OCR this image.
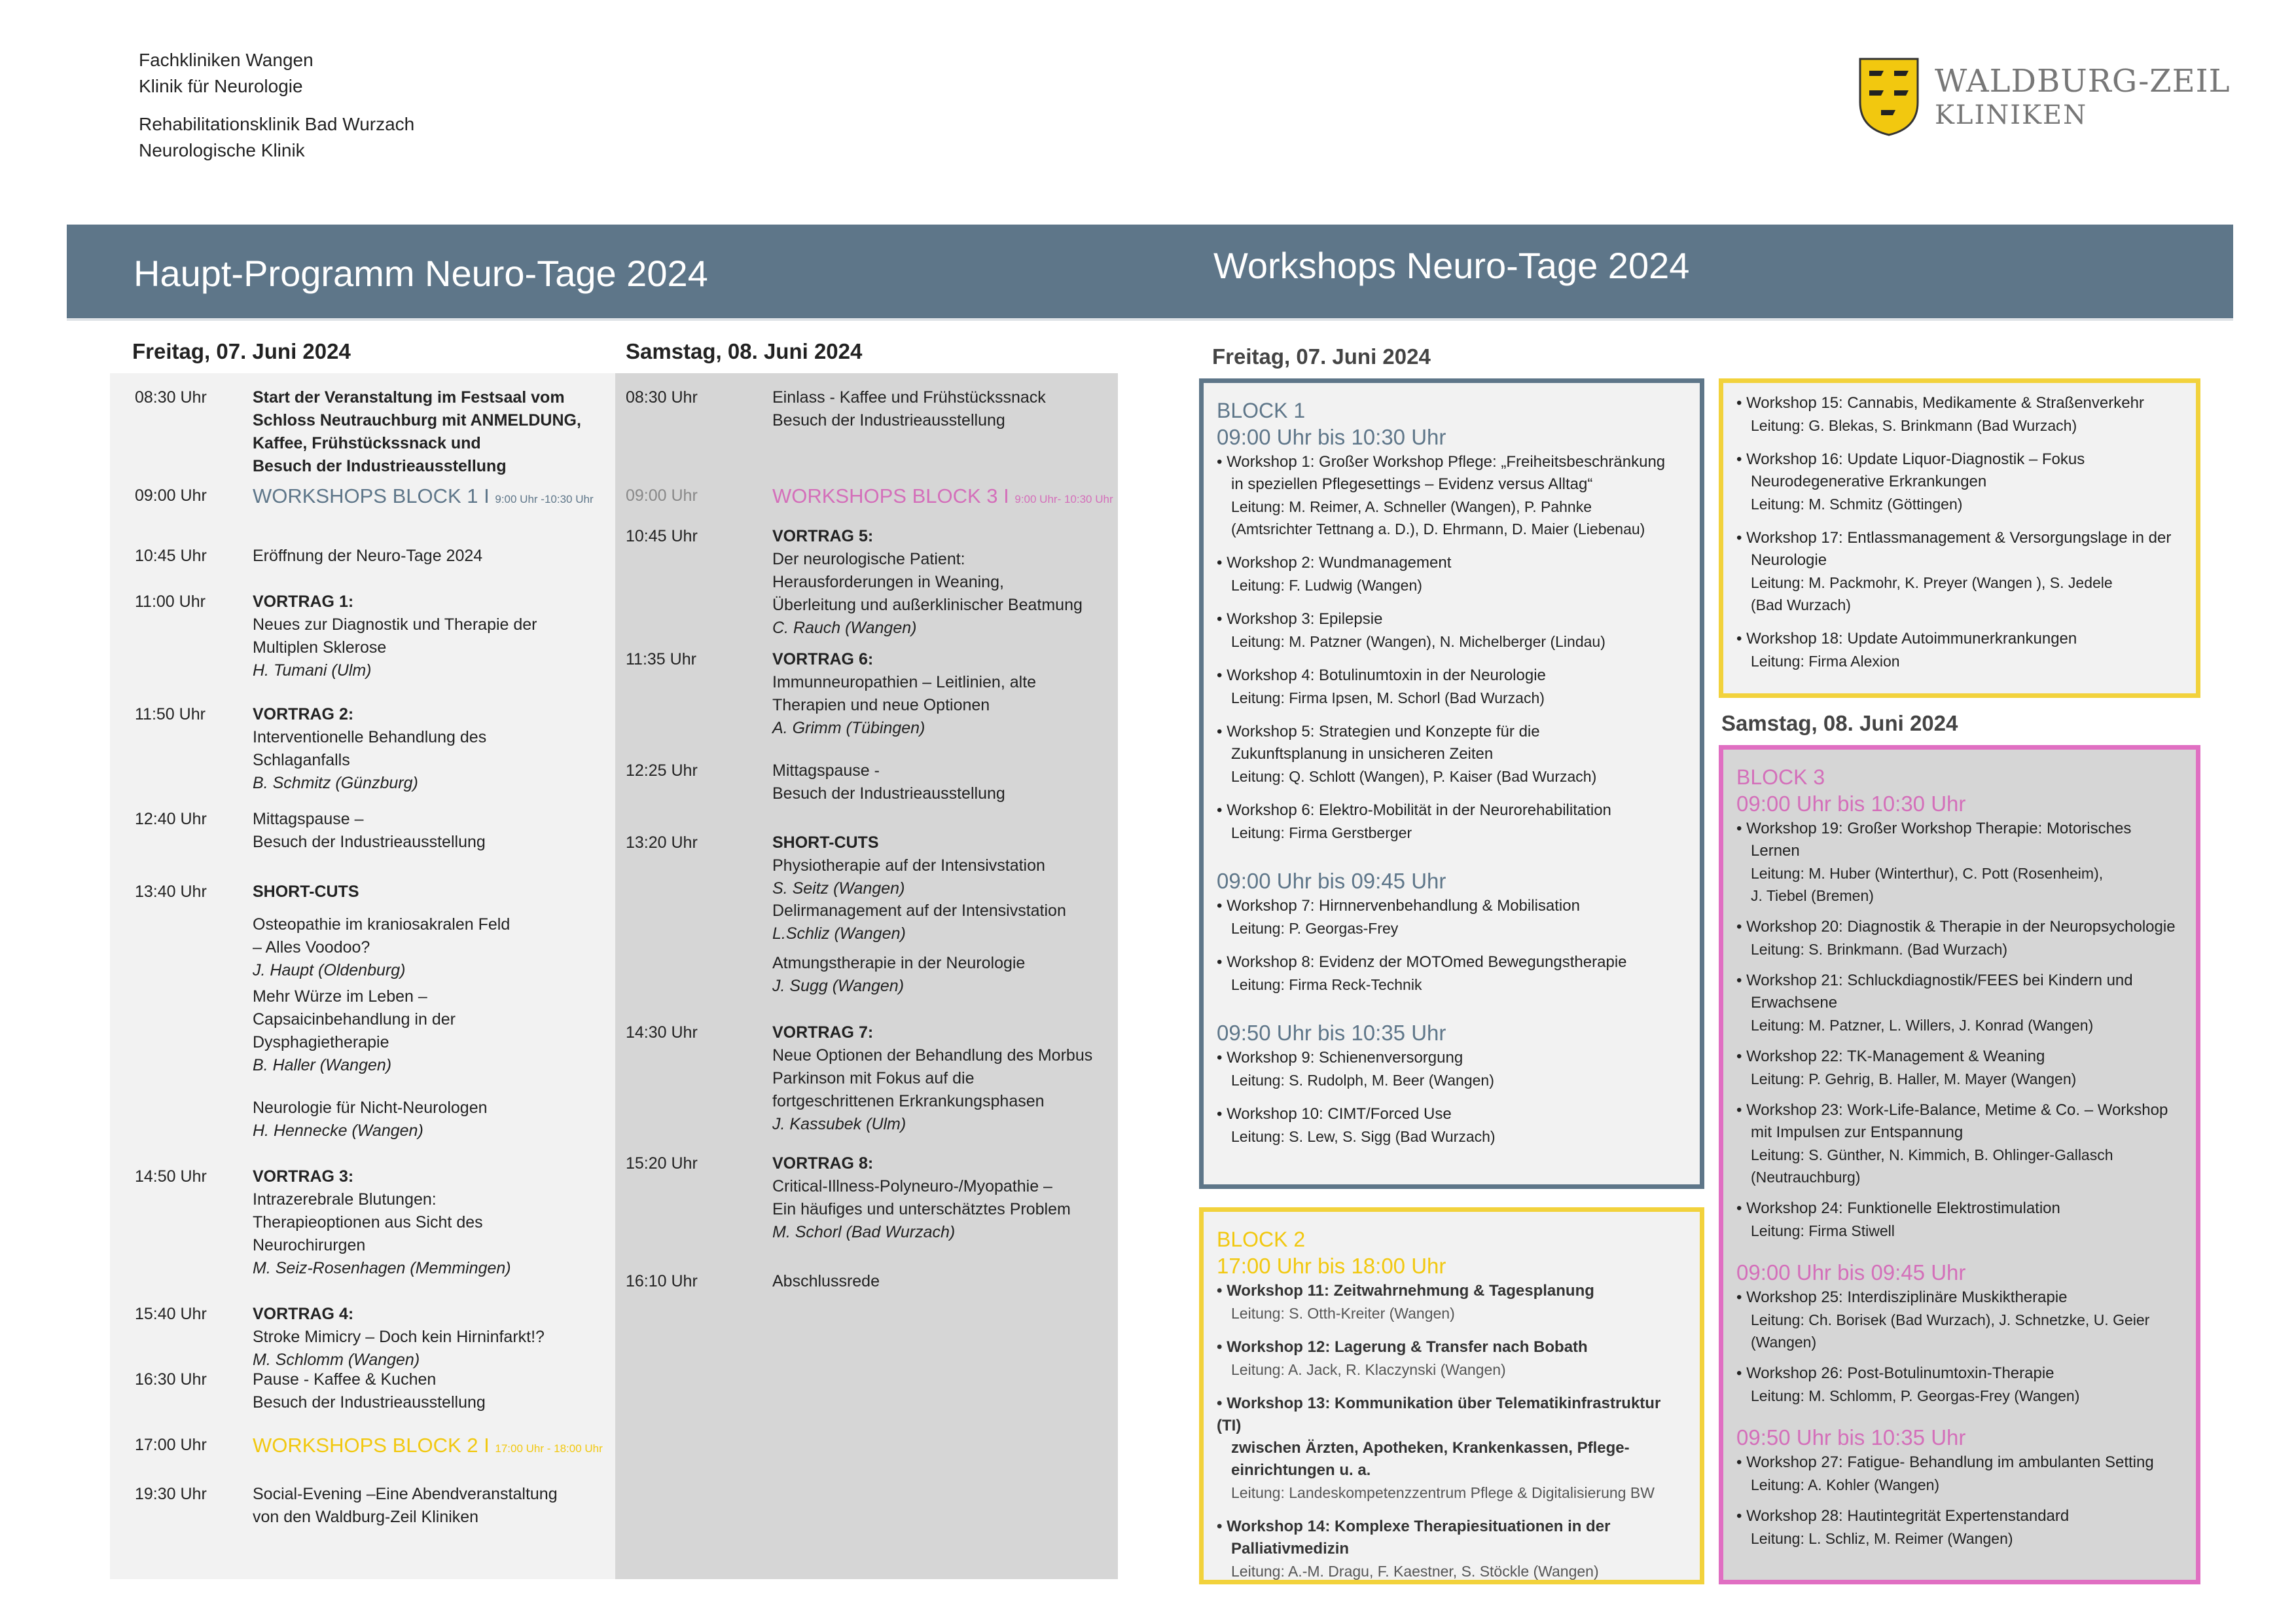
Fachkliniken Wangen
Klinik für Neurologie
Rehabilitationsklinik Bad Wurzach
Neurologische Klinik
WALDBURG-ZEIL
KLINIKEN
Haupt-Programm Neuro-Tage 2024	Workshops Neuro-Tage 2024
Freitag, 07. Juni 2024	Samstag, 08. Juni 2024	Freitag, 07. Juni 2024
Samstag, 08. Juni 2024
08:30 Uhr	Start der Veranstaltung im Festsaal vom
Schloss Neutrauchburg mit ANMELDUNG,
Kaffee, Frühstückssnack und
Besuch der Industrieausstellung
09:00 Uhr	WORKSHOPS BLOCK 1 I 9:00 Uhr -10:30 Uhr
10:45 Uhr	Eröffnung der Neuro-Tage 2024
11:00 Uhr	VORTRAG 1:
Neues zur Diagnostik und Therapie der
Multiplen Sklerose
H. Tumani (Ulm)
11:50 Uhr	VORTRAG 2:
Interventionelle Behandlung des
Schlaganfalls
B. Schmitz (Günzburg)
12:40 Uhr	Mittagspause –
Besuch der Industrieausstellung
13:40 Uhr	SHORT-CUTS
Osteopathie im kraniosakralen Feld
– Alles Voodoo?
J. Haupt (Oldenburg)
Mehr Würze im Leben –
Capsaicinbehandlung in der
Dysphagietherapie
B. Haller (Wangen)
Neurologie für Nicht-Neurologen
H. Hennecke (Wangen)
14:50 Uhr	VORTRAG 3:
Intrazerebrale Blutungen:
Therapieoptionen aus Sicht des
Neurochirurgen
M. Seiz-Rosenhagen (Memmingen)
15:40 Uhr	VORTRAG 4:
Stroke Mimicry – Doch kein Hirninfarkt!?
M. Schlomm (Wangen)
16:30 Uhr	Pause - Kaffee & Kuchen
Besuch der Industrieausstellung
17:00 Uhr	WORKSHOPS BLOCK 2 I 17:00 Uhr - 18:00 Uhr
19:30 Uhr	Social-Evening –Eine Abendveranstaltung
von den Waldburg-Zeil Kliniken
08:30 Uhr	Einlass - Kaffee und Frühstückssnack
Besuch der Industrieausstellung
09:00 Uhr	WORKSHOPS BLOCK 3 I 9:00 Uhr- 10:30 Uhr
10:45 Uhr	VORTRAG 5:
Der neurologische Patient:
Herausforderungen in Weaning,
Überleitung und außerklinischer Beatmung
C. Rauch (Wangen)
11:35 Uhr	VORTRAG 6:
Immunneuropathien – Leitlinien, alte
Therapien und neue Optionen
A. Grimm (Tübingen)
12:25 Uhr	Mittagspause -
Besuch der Industrieausstellung
13:20 Uhr	SHORT-CUTS
Physiotherapie auf der Intensivstation
S. Seitz (Wangen)
Delirmanagement auf der Intensivstation
L.Schliz (Wangen)
Atmungstherapie in der Neurologie
J. Sugg (Wangen)
14:30 Uhr	VORTRAG 7:
Neue Optionen der Behandlung des Morbus
Parkinson mit Fokus auf die
fortgeschrittenen Erkrankungsphasen
J. Kassubek (Ulm)
15:20 Uhr	VORTRAG 8:
Critical-Illness-Polyneuro-/Myopathie –
Ein häufiges und unterschätztes Problem
M. Schorl (Bad Wurzach)
16:10 Uhr	Abschlussrede
BLOCK 1
09:00 Uhr bis 10:30 Uhr
• Workshop 1: Großer Workshop Pflege: „Freiheitsbeschränkung
in speziellen Pflegesettings – Evidenz versus Alltag“
Leitung: M. Reimer, A. Schneller (Wangen), P. Pahnke
(Amtsrichter Tettnang a. D.), D. Ehrmann, D. Maier (Liebenau)
• Workshop 2: Wundmanagement
Leitung: F. Ludwig (Wangen)
• Workshop 3: Epilepsie
Leitung: M. Patzner (Wangen), N. Michelberger (Lindau)
• Workshop 4: Botulinumtoxin in der Neurologie
Leitung: Firma Ipsen, M. Schorl (Bad Wurzach)
• Workshop 5: Strategien und Konzepte für die
Zukunftsplanung in unsicheren Zeiten
Leitung: Q. Schlott (Wangen), P. Kaiser (Bad Wurzach)
• Workshop 6: Elektro-Mobilität in der Neurorehabilitation
Leitung: Firma Gerstberger
09:00 Uhr bis 09:45 Uhr
• Workshop 7: Hirnnervenbehandlung & Mobilisation
Leitung: P. Georgas-Frey
• Workshop 8: Evidenz der MOTOmed Bewegungstherapie
Leitung: Firma Reck-Technik
09:50 Uhr bis 10:35 Uhr
• Workshop 9: Schienenversorgung
Leitung: S. Rudolph, M. Beer (Wangen)
• Workshop 10: CIMT/Forced Use
Leitung: S. Lew, S. Sigg (Bad Wurzach)
BLOCK 2
17:00 Uhr bis 18:00 Uhr
• Workshop 11: Zeitwahrnehmung & Tagesplanung
Leitung: S. Otth-Kreiter (Wangen)
• Workshop 12: Lagerung & Transfer nach Bobath
Leitung: A. Jack, R. Klaczynski (Wangen)
• Workshop 13: Kommunikation über Telematikinfrastruktur (TI)
zwischen Ärzten, Apotheken, Krankenkassen, Pflege-
einrichtungen u. a.
Leitung: Landeskompetenzzentrum Pflege & Digitalisierung BW
• Workshop 14: Komplexe Therapiesituationen in der
Palliativmedizin
Leitung: A.-M. Dragu, F. Kaestner, S. Stöckle (Wangen)
• Workshop 15: Cannabis, Medikamente & Straßenverkehr
Leitung: G. Blekas, S. Brinkmann (Bad Wurzach)
• Workshop 16: Update Liquor-Diagnostik – Fokus
Neurodegenerative Erkrankungen
Leitung: M. Schmitz (Göttingen)
• Workshop 17: Entlassmanagement & Versorgungslage in der
Neurologie
Leitung: M. Packmohr, K. Preyer (Wangen ), S. Jedele
(Bad Wurzach)
• Workshop 18: Update Autoimmunerkrankungen
Leitung: Firma Alexion
BLOCK 3
09:00 Uhr bis 10:30 Uhr
• Workshop 19: Großer Workshop Therapie: Motorisches
Lernen
Leitung: M. Huber (Winterthur), C. Pott (Rosenheim),
J. Tiebel (Bremen)
• Workshop 20: Diagnostik & Therapie in der Neuropsychologie
Leitung: S. Brinkmann. (Bad Wurzach)
• Workshop 21: Schluckdiagnostik/FEES bei Kindern und
Erwachsene
Leitung: M. Patzner, L. Willers, J. Konrad (Wangen)
• Workshop 22: TK-Management & Weaning
Leitung: P. Gehrig, B. Haller, M. Mayer (Wangen)
• Workshop 23: Work-Life-Balance, Metime & Co. – Workshop
mit Impulsen zur Entspannung
Leitung: S. Günther, N. Kimmich, B. Ohlinger-Gallasch
(Neutrauchburg)
• Workshop 24: Funktionelle Elektrostimulation
Leitung: Firma Stiwell
09:00 Uhr bis 09:45 Uhr
• Workshop 25: Interdisziplinäre Muskiktherapie
Leitung: Ch. Borisek (Bad Wurzach), J. Schnetzke, U. Geier
(Wangen)
• Workshop 26: Post-Botulinumtoxin-Therapie
Leitung: M. Schlomm, P. Georgas-Frey (Wangen)
09:50 Uhr bis 10:35 Uhr
• Workshop 27: Fatigue- Behandlung im ambulanten Setting
Leitung: A. Kohler (Wangen)
• Workshop 28: Hautintegrität Expertenstandard
Leitung: L. Schliz, M. Reimer (Wangen)
